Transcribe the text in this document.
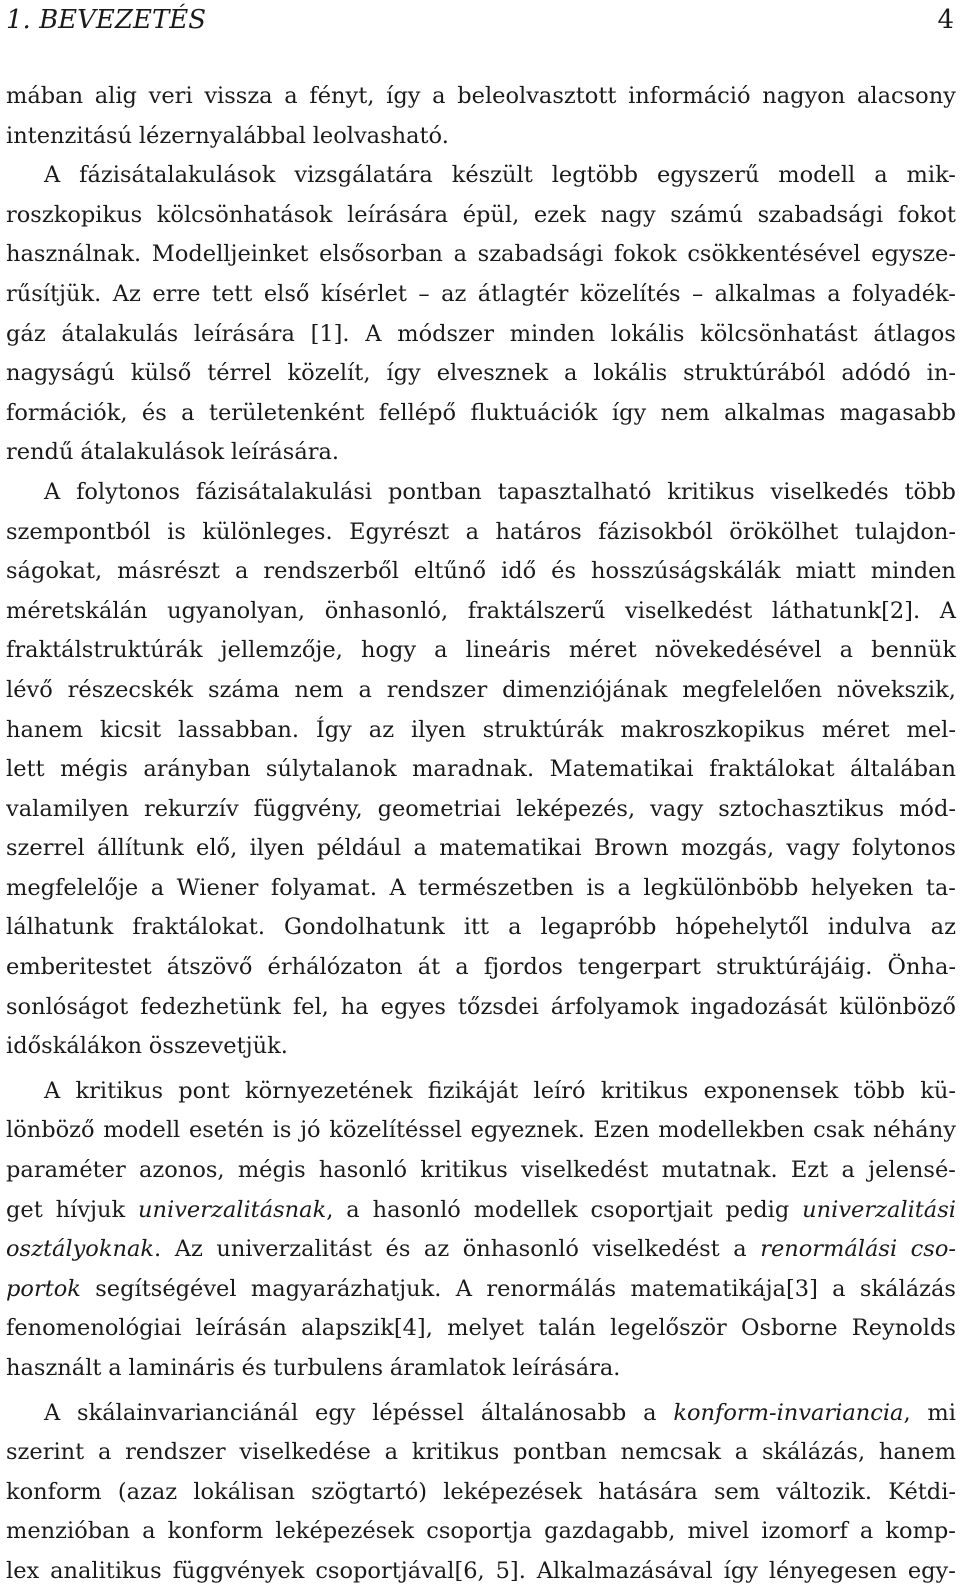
1. BEVEZETÉS	4
mában alig veri vissza a fényt, így a beleolvasztott információ nagyon alacsony
intenzitású lézernyalábbal leolvasható.
A fázisátalakulások vizsgálatára készült legtöbb egyszerű modell a mik-
roszkopikus kölcsönhatások leírására épül, ezek nagy számú szabadsági fokot
használnak. Modelljeinket elsősorban a szabadsági fokok csökkentésével egysze-
rűsítjük. Az erre tett első kísérlet – az átlagtér közelítés – alkalmas a folyadék-
gáz átalakulás leírására [1]. A módszer minden lokális kölcsönhatást átlagos
nagyságú külső térrel közelít, így elvesznek a lokális struktúrából adódó in-
formációk, és a területenként fellépő fluktuációk így nem alkalmas magasabb
rendű átalakulások leírására.
A folytonos fázisátalakulási pontban tapasztalható kritikus viselkedés több
szempontból is különleges. Egyrészt a határos fázisokból örökölhet tulajdon-
ságokat, másrészt a rendszerből eltűnő idő és hosszúságskálák miatt minden
méretskálán ugyanolyan, önhasonló, fraktálszerű viselkedést láthatunk[2]. A
fraktálstruktúrák jellemzője, hogy a lineáris méret növekedésével a bennük
lévő részecskék száma nem a rendszer dimenziójának megfelelően növekszik,
hanem kicsit lassabban. Így az ilyen struktúrák makroszkopikus méret mel-
lett mégis arányban súlytalanok maradnak. Matematikai fraktálokat általában
valamilyen rekurzív függvény, geometriai leképezés, vagy sztochasztikus mód-
szerrel állítunk elő, ilyen például a matematikai Brown mozgás, vagy folytonos
megfelelője a Wiener folyamat. A természetben is a legkülönböbb helyeken ta-
lálhatunk fraktálokat. Gondolhatunk itt a legapróbb hópehelytől indulva az
emberitestet átszövő érhálózaton át a fjordos tengerpart struktúrájáig. Önha-
sonlóságot fedezhetünk fel, ha egyes tőzsdei árfolyamok ingadozását különböző
időskálákon összevetjük.
A kritikus pont környezetének fizikáját leíró kritikus exponensek több kü-
lönböző modell esetén is jó közelítéssel egyeznek. Ezen modellekben csak néhány
paraméter azonos, mégis hasonló kritikus viselkedést mutatnak. Ezt a jelensé-
get hívjuk univerzalitásnak, a hasonló modellek csoportjait pedig univerzalitási
osztályoknak. Az univerzalitást és az önhasonló viselkedést a renormálási cso-
portok segítségével magyarázhatjuk. A renormálás matematikája[3] a skálázás
fenomenológiai leírásán alapszik[4], melyet talán legelőször Osborne Reynolds
használt a lamináris és turbulens áramlatok leírására.
A skálainvarianciánál egy lépéssel általánosabb a konform-invariancia, mi
szerint a rendszer viselkedése a kritikus pontban nemcsak a skálázás, hanem
konform (azaz lokálisan szögtartó) leképezések hatására sem változik. Kétdi-
menzióban a konform leképezések csoportja gazdagabb, mivel izomorf a komp-
lex analitikus függvények csoportjával[6, 5]. Alkalmazásával így lényegesen egy-
